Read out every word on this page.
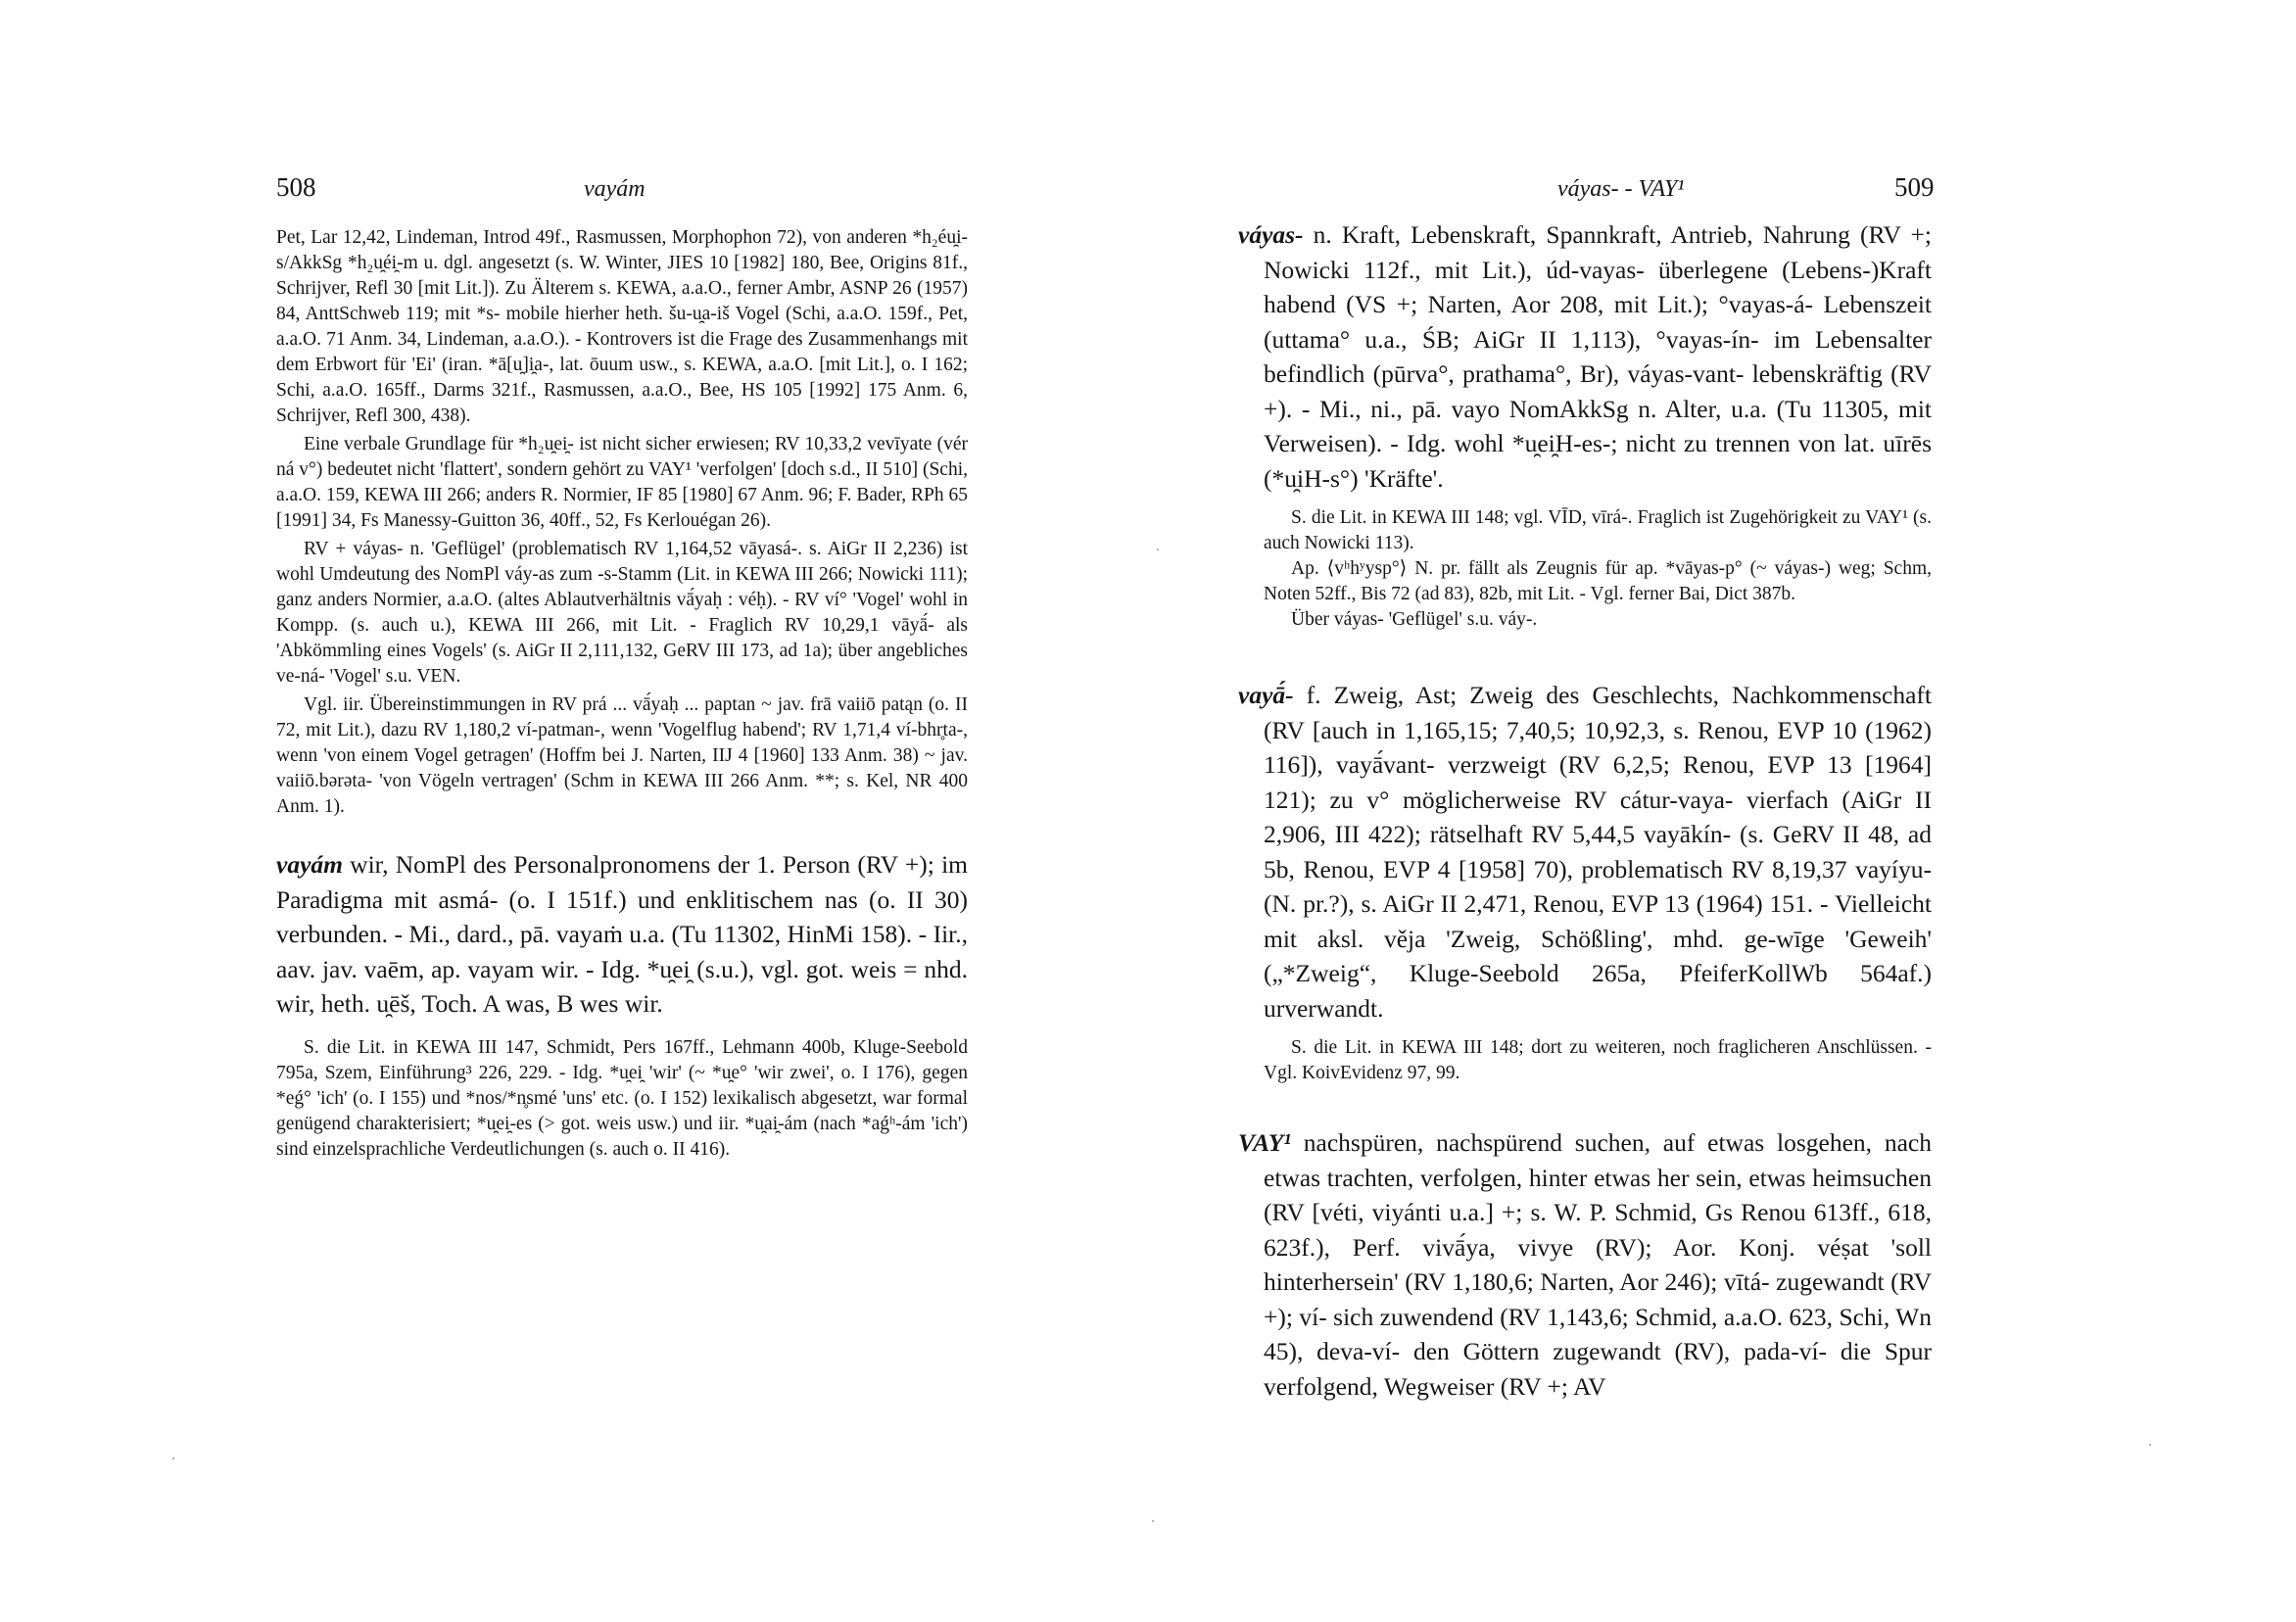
508	vayám

Pet, Lar 12,42, Lindeman, Introd 49f., Rasmussen, Morphophon 72), von anderen *h₂éu̯i-s/AkkSg *h₂u̯éi̯-m u. dgl. angesetzt (s. W. Winter, JIES 10 [1982] 180, Bee, Origins 81f., Schrijver, Refl 30 [mit Lit.]). Zu Älterem s. KEWA, a.a.O., ferner Ambr, ASNP 26 (1957) 84, AnttSchweb 119; mit *s- mobile hierher heth. šu-u̯a-iš Vogel (Schi, a.a.O. 159f., Pet, a.a.O. 71 Anm. 34, Lindeman, a.a.O.). - Kontrovers ist die Frage des Zusammenhangs mit dem Erbwort für 'Ei' (iran. *ā[u̯]i̯a-, lat. ōuum usw., s. KEWA, a.a.O. [mit Lit.], o. I 162; Schi, a.a.O. 165ff., Darms 321f., Rasmussen, a.a.O., Bee, HS 105 [1992] 175 Anm. 6, Schrijver, Refl 300, 438).

Eine verbale Grundlage für *h₂u̯ei̯- ist nicht sicher erwiesen; RV 10,33,2 vevīyate (vér ná v°) bedeutet nicht 'flattert', sondern gehört zu VAY¹ 'verfolgen' [doch s.d., II 510] (Schi, a.a.O. 159, KEWA III 266; anders R. Normier, IF 85 [1980] 67 Anm. 96; F. Bader, RPh 65 [1991] 34, Fs Manessy-Guitton 36, 40ff., 52, Fs Kerlouégan 26).

RV + váyas- n. 'Geflügel' (problematisch RV 1,164,52 vāyasá-. s. AiGr II 2,236) ist wohl Umdeutung des NomPl váy-as zum -s-Stamm (Lit. in KEWA III 266; Nowicki 111); ganz anders Normier, a.a.O. (altes Ablautverhältnis vā́yaḥ : véḥ). - RV ví° 'Vogel' wohl in Kompp. (s. auch u.), KEWA III 266, mit Lit. - Fraglich RV 10,29,1 vāyā́- als 'Abkömmling eines Vogels' (s. AiGr II 2,111,132, GeRV III 173, ad 1a); über angebliches ve-ná- 'Vogel' s.u. VEN.

Vgl. iir. Übereinstimmungen in RV prá ... vā́yaḥ ... paptan ~ jav. frā vaiiō patąn (o. II 72, mit Lit.), dazu RV 1,180,2 ví-patman-, wenn 'Vogelflug habend'; RV 1,71,4 ví-bhr̥ta-, wenn 'von einem Vogel getragen' (Hoffm bei J. Narten, IIJ 4 [1960] 133 Anm. 38) ~ jav. vaiiō.bərəta- 'von Vögeln vertragen' (Schm in KEWA III 266 Anm. **; s. Kel, NR 400 Anm. 1).

vayám wir, NomPl des Personalpronomens der 1. Person (RV +); im Paradigma mit asmá- (o. I 151f.) und enklitischem nas (o. II 30) verbunden. - Mi., dard., pā. vayaṁ u.a. (Tu 11302, HinMi 158). - Iir., aav. jav. vaēm, ap. vayam wir. - Idg. *u̯ei̯ (s.u.), vgl. got. weis = nhd. wir, heth. u̯ēš, Toch. A was, B wes wir.

S. die Lit. in KEWA III 147, Schmidt, Pers 167ff., Lehmann 400b, Kluge-Seebold 795a, Szem, Einführung³ 226, 229. - Idg. *u̯ei̯ 'wir' (~ *u̯e° 'wir zwei', o. I 176), gegen *eǵ° 'ich' (o. I 155) und *nos/*n̥smé 'uns' etc. (o. I 152) lexikalisch abgesetzt, war formal genügend charakterisiert; *u̯ei̯-es (> got. weis usw.) und iir. *u̯ai̯-ám (nach *aǵʰ-ám 'ich') sind einzelsprachliche Verdeutlichungen (s. auch o. II 416).

váyas- - VAY¹	509

váyas- n. Kraft, Lebenskraft, Spannkraft, Antrieb, Nahrung (RV +; Nowicki 112f., mit Lit.), úd-vayas- überlegene (Lebens-)Kraft habend (VS +; Narten, Aor 208, mit Lit.); °vayas-á- Lebenszeit (uttama° u.a., ŚB; AiGr II 1,113), °vayas-ín- im Lebensalter befindlich (pūrva°, prathama°, Br), váyas-vant- lebenskräftig (RV +). - Mi., ni., pā. vayo NomAkkSg n. Alter, u.a. (Tu 11305, mit Verweisen). - Idg. wohl *u̯ei̯H-es-; nicht zu trennen von lat. uīrēs (*u̯iH-s°) 'Kräfte'.

S. die Lit. in KEWA III 148; vgl. VĪD, vīrá-. Fraglich ist Zugehörigkeit zu VAY¹ (s. auch Nowicki 113).

Ap. ⟨vʰhʸysp°⟩ N. pr. fällt als Zeugnis für ap. *vāyas-p° (~ váyas-) weg; Schm, Noten 52ff., Bis 72 (ad 83), 82b, mit Lit. - Vgl. ferner Bai, Dict 387b.

Über váyas- 'Geflügel' s.u. váy-.

vayā́- f. Zweig, Ast; Zweig des Geschlechts, Nachkommenschaft (RV [auch in 1,165,15; 7,40,5; 10,92,3, s. Renou, EVP 10 (1962) 116]), vayā́vant- verzweigt (RV 6,2,5; Renou, EVP 13 [1964] 121); zu v° möglicherweise RV cátur-vaya- vierfach (AiGr II 2,906, III 422); rätselhaft RV 5,44,5 vayākín- (s. GeRV II 48, ad 5b, Renou, EVP 4 [1958] 70), problematisch RV 8,19,37 vayíyu- (N. pr.?), s. AiGr II 2,471, Renou, EVP 13 (1964) 151. - Vielleicht mit aksl. věja 'Zweig, Schößling', mhd. ge-wīge 'Geweih' („*Zweig“, Kluge-Seebold 265a, PfeiferKollWb 564af.) urverwandt.

S. die Lit. in KEWA III 148; dort zu weiteren, noch fraglicheren Anschlüssen. - Vgl. KoivEvidenz 97, 99.

VAY¹ nachspüren, nachspürend suchen, auf etwas losgehen, nach etwas trachten, verfolgen, hinter etwas her sein, etwas heimsuchen (RV [véti, viyánti u.a.] +; s. W. P. Schmid, Gs Renou 613ff., 618, 623f.), Perf. vivā́ya, vivye (RV); Aor. Konj. véṣat 'soll hinterhersein' (RV 1,180,6; Narten, Aor 246); vītá- zugewandt (RV +); ví- sich zuwendend (RV 1,143,6; Schmid, a.a.O. 623, Schi, Wn 45), deva-ví- den Göttern zugewandt (RV), pada-ví- die Spur verfolgend, Wegweiser (RV +; AV
